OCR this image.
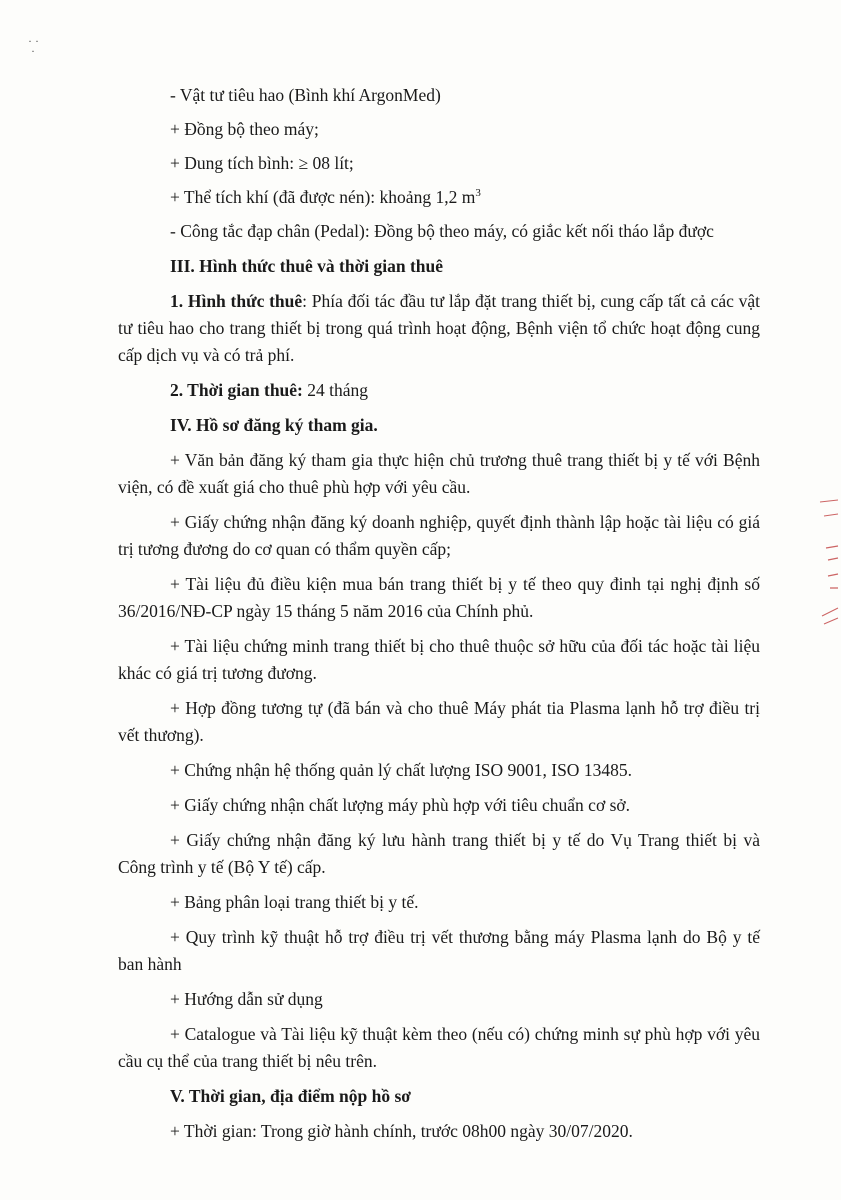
· ·
·

- Vật tư tiêu hao (Bình khí ArgonMed)

+ Đồng bộ theo máy;

+ Dung tích bình: ≥ 08 lít;

+ Thể tích khí (đã được nén): khoảng 1,2 $m^3$

- Công tắc đạp chân (Pedal): Đồng bộ theo máy, có giắc kết nối tháo lắp được

III. Hình thức thuê và thời gian thuê

1. Hình thức thuê: Phía đối tác đầu tư lắp đặt trang thiết bị, cung cấp tất cả các vật tư tiêu hao cho trang thiết bị trong quá trình hoạt động, Bệnh viện tổ chức hoạt động cung cấp dịch vụ và có trả phí.

2. Thời gian thuê: 24 tháng

IV. Hồ sơ đăng ký tham gia.

+ Văn bản đăng ký tham gia thực hiện chủ trương thuê trang thiết bị y tế với Bệnh viện, có đề xuất giá cho thuê phù hợp với yêu cầu.

+ Giấy chứng nhận đăng ký doanh nghiệp, quyết định thành lập hoặc tài liệu có giá trị tương đương do cơ quan có thẩm quyền cấp;

+ Tài liệu đủ điều kiện mua bán trang thiết bị y tế theo quy đinh tại nghị định số 36/2016/NĐ-CP ngày 15 tháng 5 năm 2016 của Chính phủ.

+ Tài liệu chứng minh trang thiết bị cho thuê thuộc sở hữu của đối tác hoặc tài liệu khác có giá trị tương đương.

+ Hợp đồng tương tự (đã bán và cho thuê Máy phát tia Plasma lạnh hỗ trợ điều trị vết thương).

+ Chứng nhận hệ thống quản lý chất lượng ISO 9001, ISO 13485.

+ Giấy chứng nhận chất lượng máy phù hợp với tiêu chuẩn cơ sở.

+ Giấy chứng nhận đăng ký lưu hành trang thiết bị y tế do Vụ Trang thiết bị và Công trình y tế (Bộ Y tế) cấp.

+ Bảng phân loại trang thiết bị y tế.

+ Quy trình kỹ thuật hỗ trợ điều trị vết thương bằng máy Plasma lạnh do Bộ y tế ban hành

+ Hướng dẫn sử dụng

+ Catalogue và Tài liệu kỹ thuật kèm theo (nếu có) chứng minh sự phù hợp với yêu cầu cụ thể của trang thiết bị nêu trên.

V. Thời gian, địa điểm nộp hồ sơ

+ Thời gian: Trong giờ hành chính, trước 08h00 ngày 30/07/2020.
